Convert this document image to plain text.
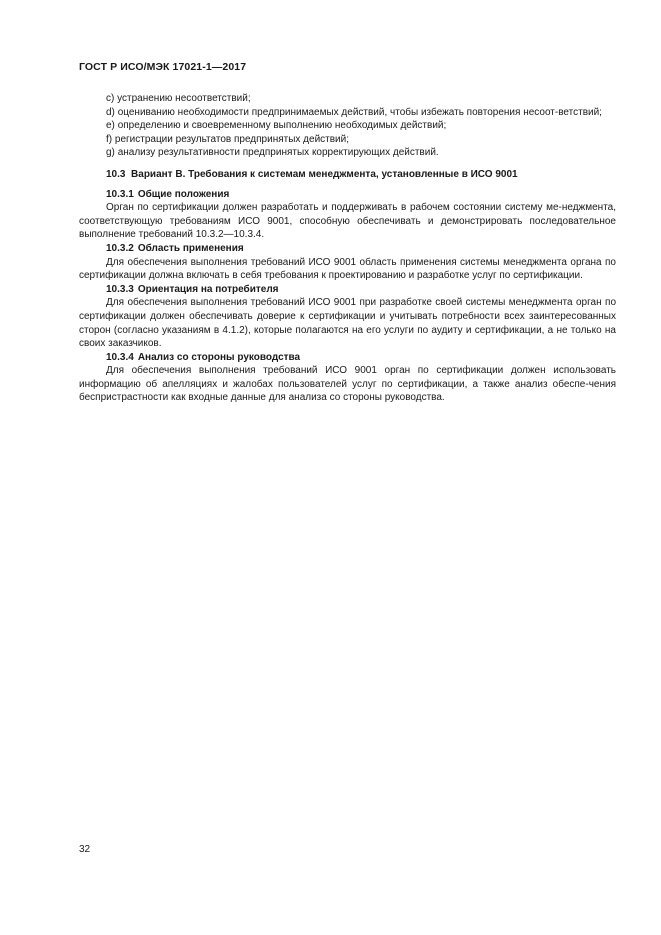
ГОСТ Р ИСО/МЭК 17021-1—2017

c) устранению несоответствий;

d) оцениванию необходимости предпринимаемых действий, чтобы избежать повторения несоот-ветствий;

e) определению и своевременному выполнению необходимых действий;

f) регистрации результатов предпринятых действий;

g) анализу результативности предпринятых корректирующих действий.

10.3 Вариант В. Требования к системам менеджмента, установленные в ИСО 9001

10.3.1 Общие положения

Орган по сертификации должен разработать и поддерживать в рабочем состоянии систему ме-неджмента, соответствующую требованиям ИСО 9001, способную обеспечивать и демонстрировать последовательное выполнение требований 10.3.2—10.3.4.

10.3.2 Область применения

Для обеспечения выполнения требований ИСО 9001 область применения системы менеджмента органа по сертификации должна включать в себя требования к проектированию и разработке услуг по сертификации.

10.3.3 Ориентация на потребителя

Для обеспечения выполнения требований ИСО 9001 при разработке своей системы менеджмента орган по сертификации должен обеспечивать доверие к сертификации и учитывать потребности всех заинтересованных сторон (согласно указаниям в 4.1.2), которые полагаются на его услуги по аудиту и сертификации, а не только на своих заказчиков.

10.3.4 Анализ со стороны руководства

Для обеспечения выполнения требований ИСО 9001 орган по сертификации должен использовать информацию об апелляциях и жалобах пользователей услуг по сертификации, а также анализ обеспе-чения беспристрастности как входные данные для анализа со стороны руководства.

32
